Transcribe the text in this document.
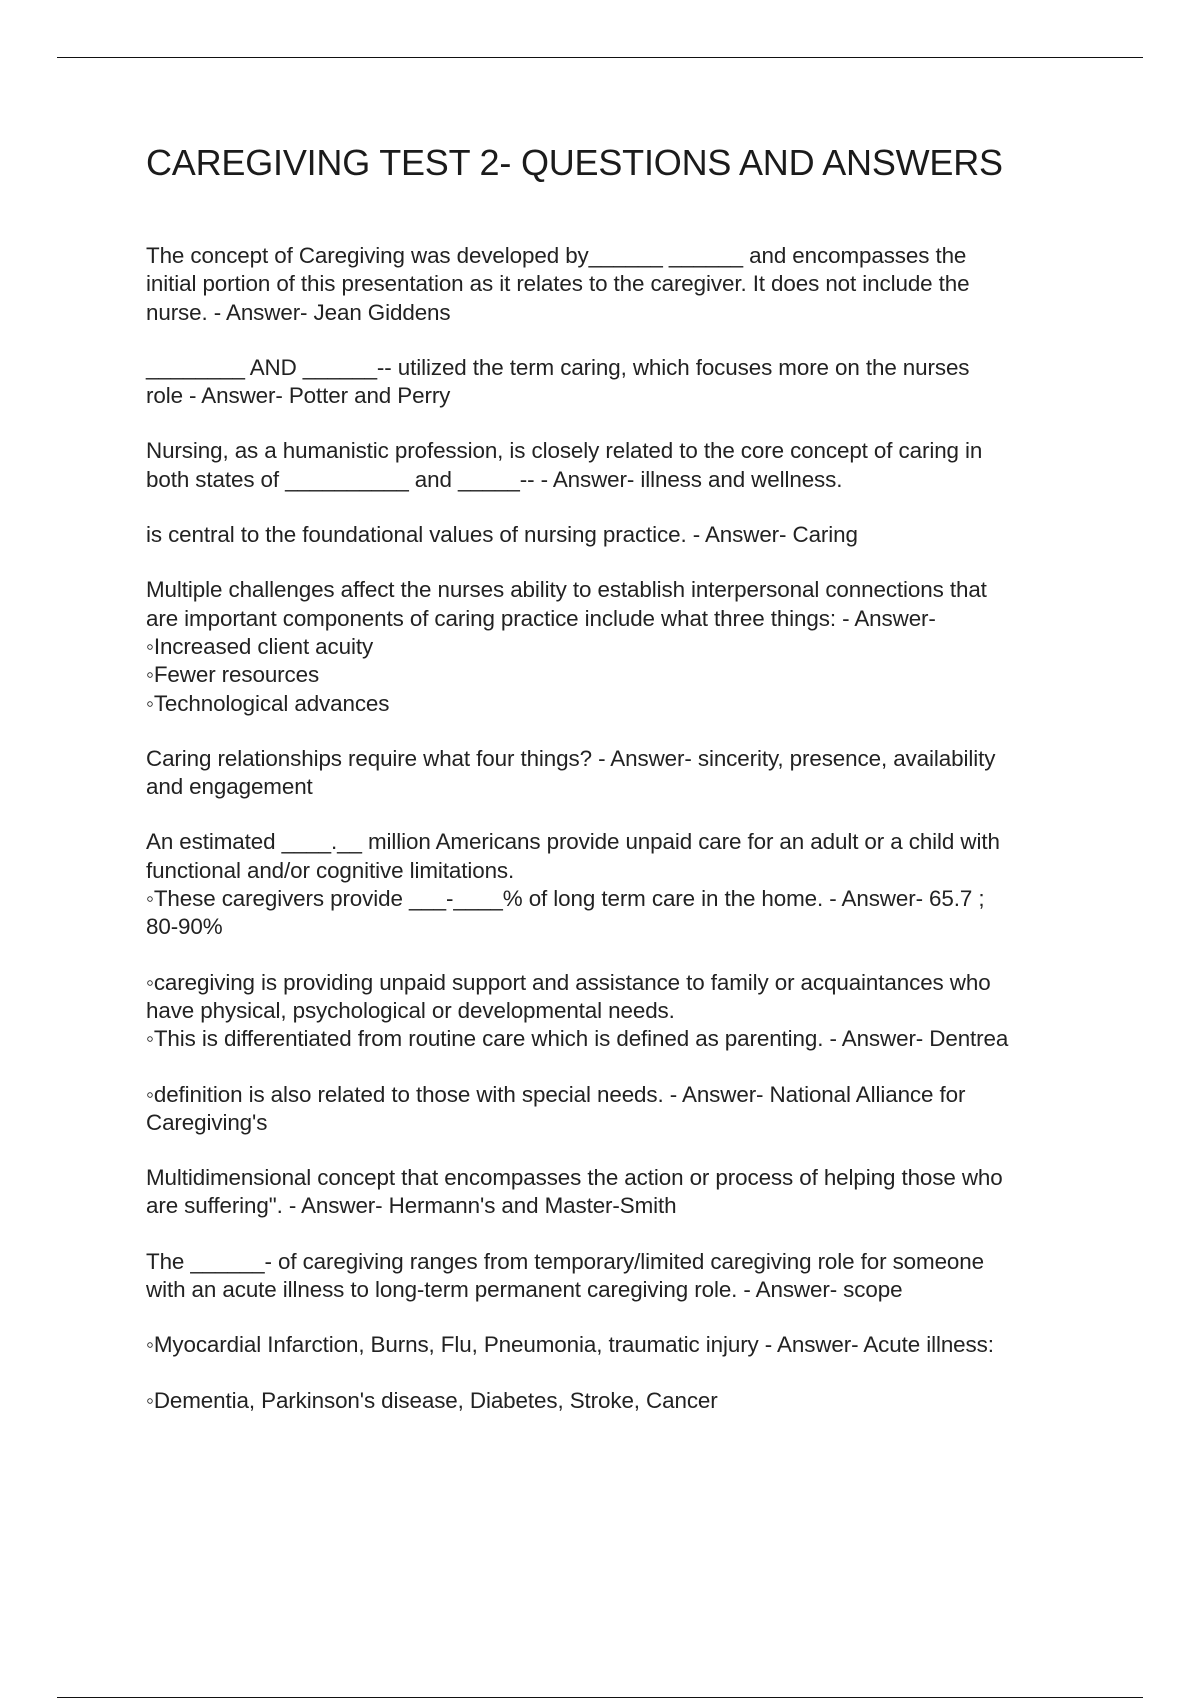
CAREGIVING TEST 2- QUESTIONS AND ANSWERS

The concept of Caregiving was developed by______ ______ and encompasses the
initial portion of this presentation as it relates to the caregiver. It does not include the
nurse. - Answer- Jean Giddens

________ AND ______-- utilized the term caring, which focuses more on the nurses
role - Answer- Potter and Perry

Nursing, as a humanistic profession, is closely related to the core concept of caring in
both states of __________ and _____-- - Answer- illness and wellness.

is central to the foundational values of nursing practice. - Answer- Caring

Multiple challenges affect the nurses ability to establish interpersonal connections that
are important components of caring practice include what three things: - Answer-
◦Increased client acuity
◦Fewer resources
◦Technological advances

Caring relationships require what four things? - Answer- sincerity, presence, availability
and engagement

An estimated ____.__ million Americans provide unpaid care for an adult or a child with
functional and/or cognitive limitations.
◦These caregivers provide ___-____% of long term care in the home. - Answer- 65.7 ;
80-90%

◦caregiving is providing unpaid support and assistance to family or acquaintances who
have physical, psychological or developmental needs.
◦This is differentiated from routine care which is defined as parenting. - Answer- Dentrea

◦definition is also related to those with special needs. - Answer- National Alliance for
Caregiving's

Multidimensional concept that encompasses the action or process of helping those who
are suffering". - Answer- Hermann's and Master-Smith

The ______- of caregiving ranges from temporary/limited caregiving role for someone
with an acute illness to long-term permanent caregiving role. - Answer- scope

◦Myocardial Infarction, Burns, Flu, Pneumonia, traumatic injury - Answer- Acute illness:

◦Dementia, Parkinson's disease, Diabetes, Stroke, Cancer
